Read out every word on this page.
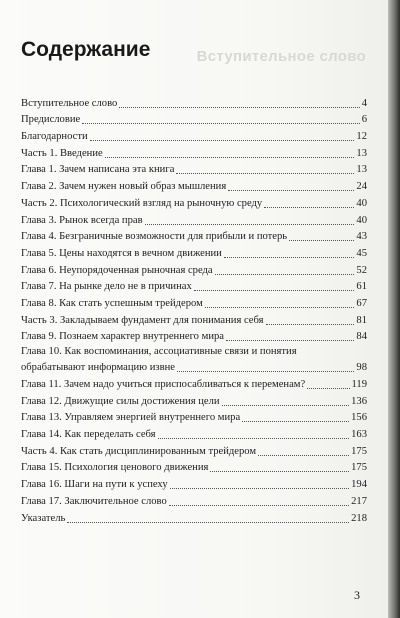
Вступительное слово
Содержание
Вступительное слово	4
Предисловие	6
Благодарности	12
Часть 1. Введение	13
Глава 1. Зачем написана эта книга	13
Глава 2. Зачем нужен новый образ мышления	24
Часть 2. Психологический взгляд на рыночную среду	40
Глава 3. Рынок всегда прав	40
Глава 4. Безграничные возможности для прибыли и потерь	43
Глава 5. Цены находятся в вечном движении	45
Глава 6. Неупорядоченная рыночная среда	52
Глава 7. На рынке дело не в причинах	61
Глава 8. Как стать успешным трейдером	67
Часть 3. Закладываем фундамент для понимания себя	81
Глава 9. Познаем характер внутреннего мира	84
Глава 10. Как воспоминания, ассоциативные связи и понятия
обрабатывают информацию извне	98
Глава 11. Зачем надо учиться приспосабливаться к переменам?	119
Глава 12. Движущие силы достижения цели	136
Глава 13. Управляем энергией внутреннего мира	156
Глава 14. Как переделать себя	163
Часть 4. Как стать дисциплинированным трейдером	175
Глава 15. Психология ценового движения	175
Глава 16. Шаги на пути к успеху	194
Глава 17. Заключительное слово	217
Указатель	218
3
